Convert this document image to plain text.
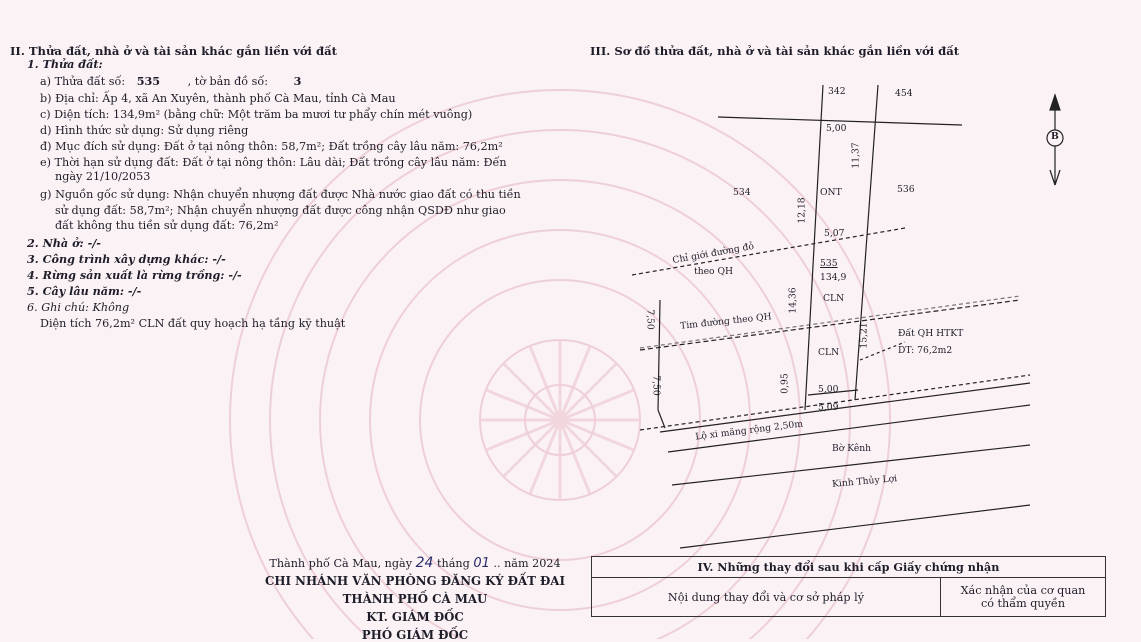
II. Thửa đất, nhà ở và tài sản khác gắn liền với đất
1. Thửa đất:
a) Thửa đất số: 535 , tờ bản đồ số: 3
b) Địa chỉ: Ấp 4, xã An Xuyên, thành phố Cà Mau, tỉnh Cà Mau
c) Diện tích: 134,9m² (bằng chữ: Một trăm ba mươi tư phẩy chín mét vuông)
d) Hình thức sử dụng: Sử dụng riêng
đ) Mục đích sử dụng: Đất ở tại nông thôn: 58,7m²; Đất trồng cây lâu năm: 76,2m²
e) Thời hạn sử dụng đất: Đất ở tại nông thôn: Lâu dài; Đất trồng cây lâu năm: Đến
ngày 21/10/2053
g) Nguồn gốc sử dụng: Nhận chuyển nhượng đất được Nhà nước giao đất có thu tiền
sử dụng đất: 58,7m²; Nhận chuyển nhượng đất được công nhận QSDĐ như giao
đất không thu tiền sử dụng đất: 76,2m²
2. Nhà ở: -/-
3. Công trình xây dựng khác: -/-
4. Rừng sản xuất là rừng trồng: -/-
5. Cây lâu năm: -/-
6. Ghi chú: Không
Diện tích 76,2m² CLN đất quy hoạch hạ tầng kỹ thuật
III. Sơ đồ thửa đất, nhà ở và tài sản khác gắn liền với đất
B
342	454
5,00
11,37
534	ONT	536
12,18
5,07
Chỉ giới đường đỏ
theo QH
535
134,9
14,36	CLN
7,50	Tim đường theo QH
15,21	Đất QH HTKT
DT: 76,2m2
CLN
0,95	5,00
5,09
7,50
Lộ xi măng rộng 2,50m
Bờ Kênh
Kinh Thủy Lợi
Thành phố Cà Mau, ngày 24 tháng 01 .. năm 2024
CHI NHÁNH VĂN PHÒNG ĐĂNG KÝ ĐẤT ĐAI
THÀNH PHỐ CÀ MAU
KT. GIÁM ĐỐC
PHÓ GIÁM ĐỐC
IV. Những thay đổi sau khi cấp Giấy chứng nhận
Nội dung thay đổi và cơ sở pháp lý	Xác nhận của cơ quan
có thẩm quyền
